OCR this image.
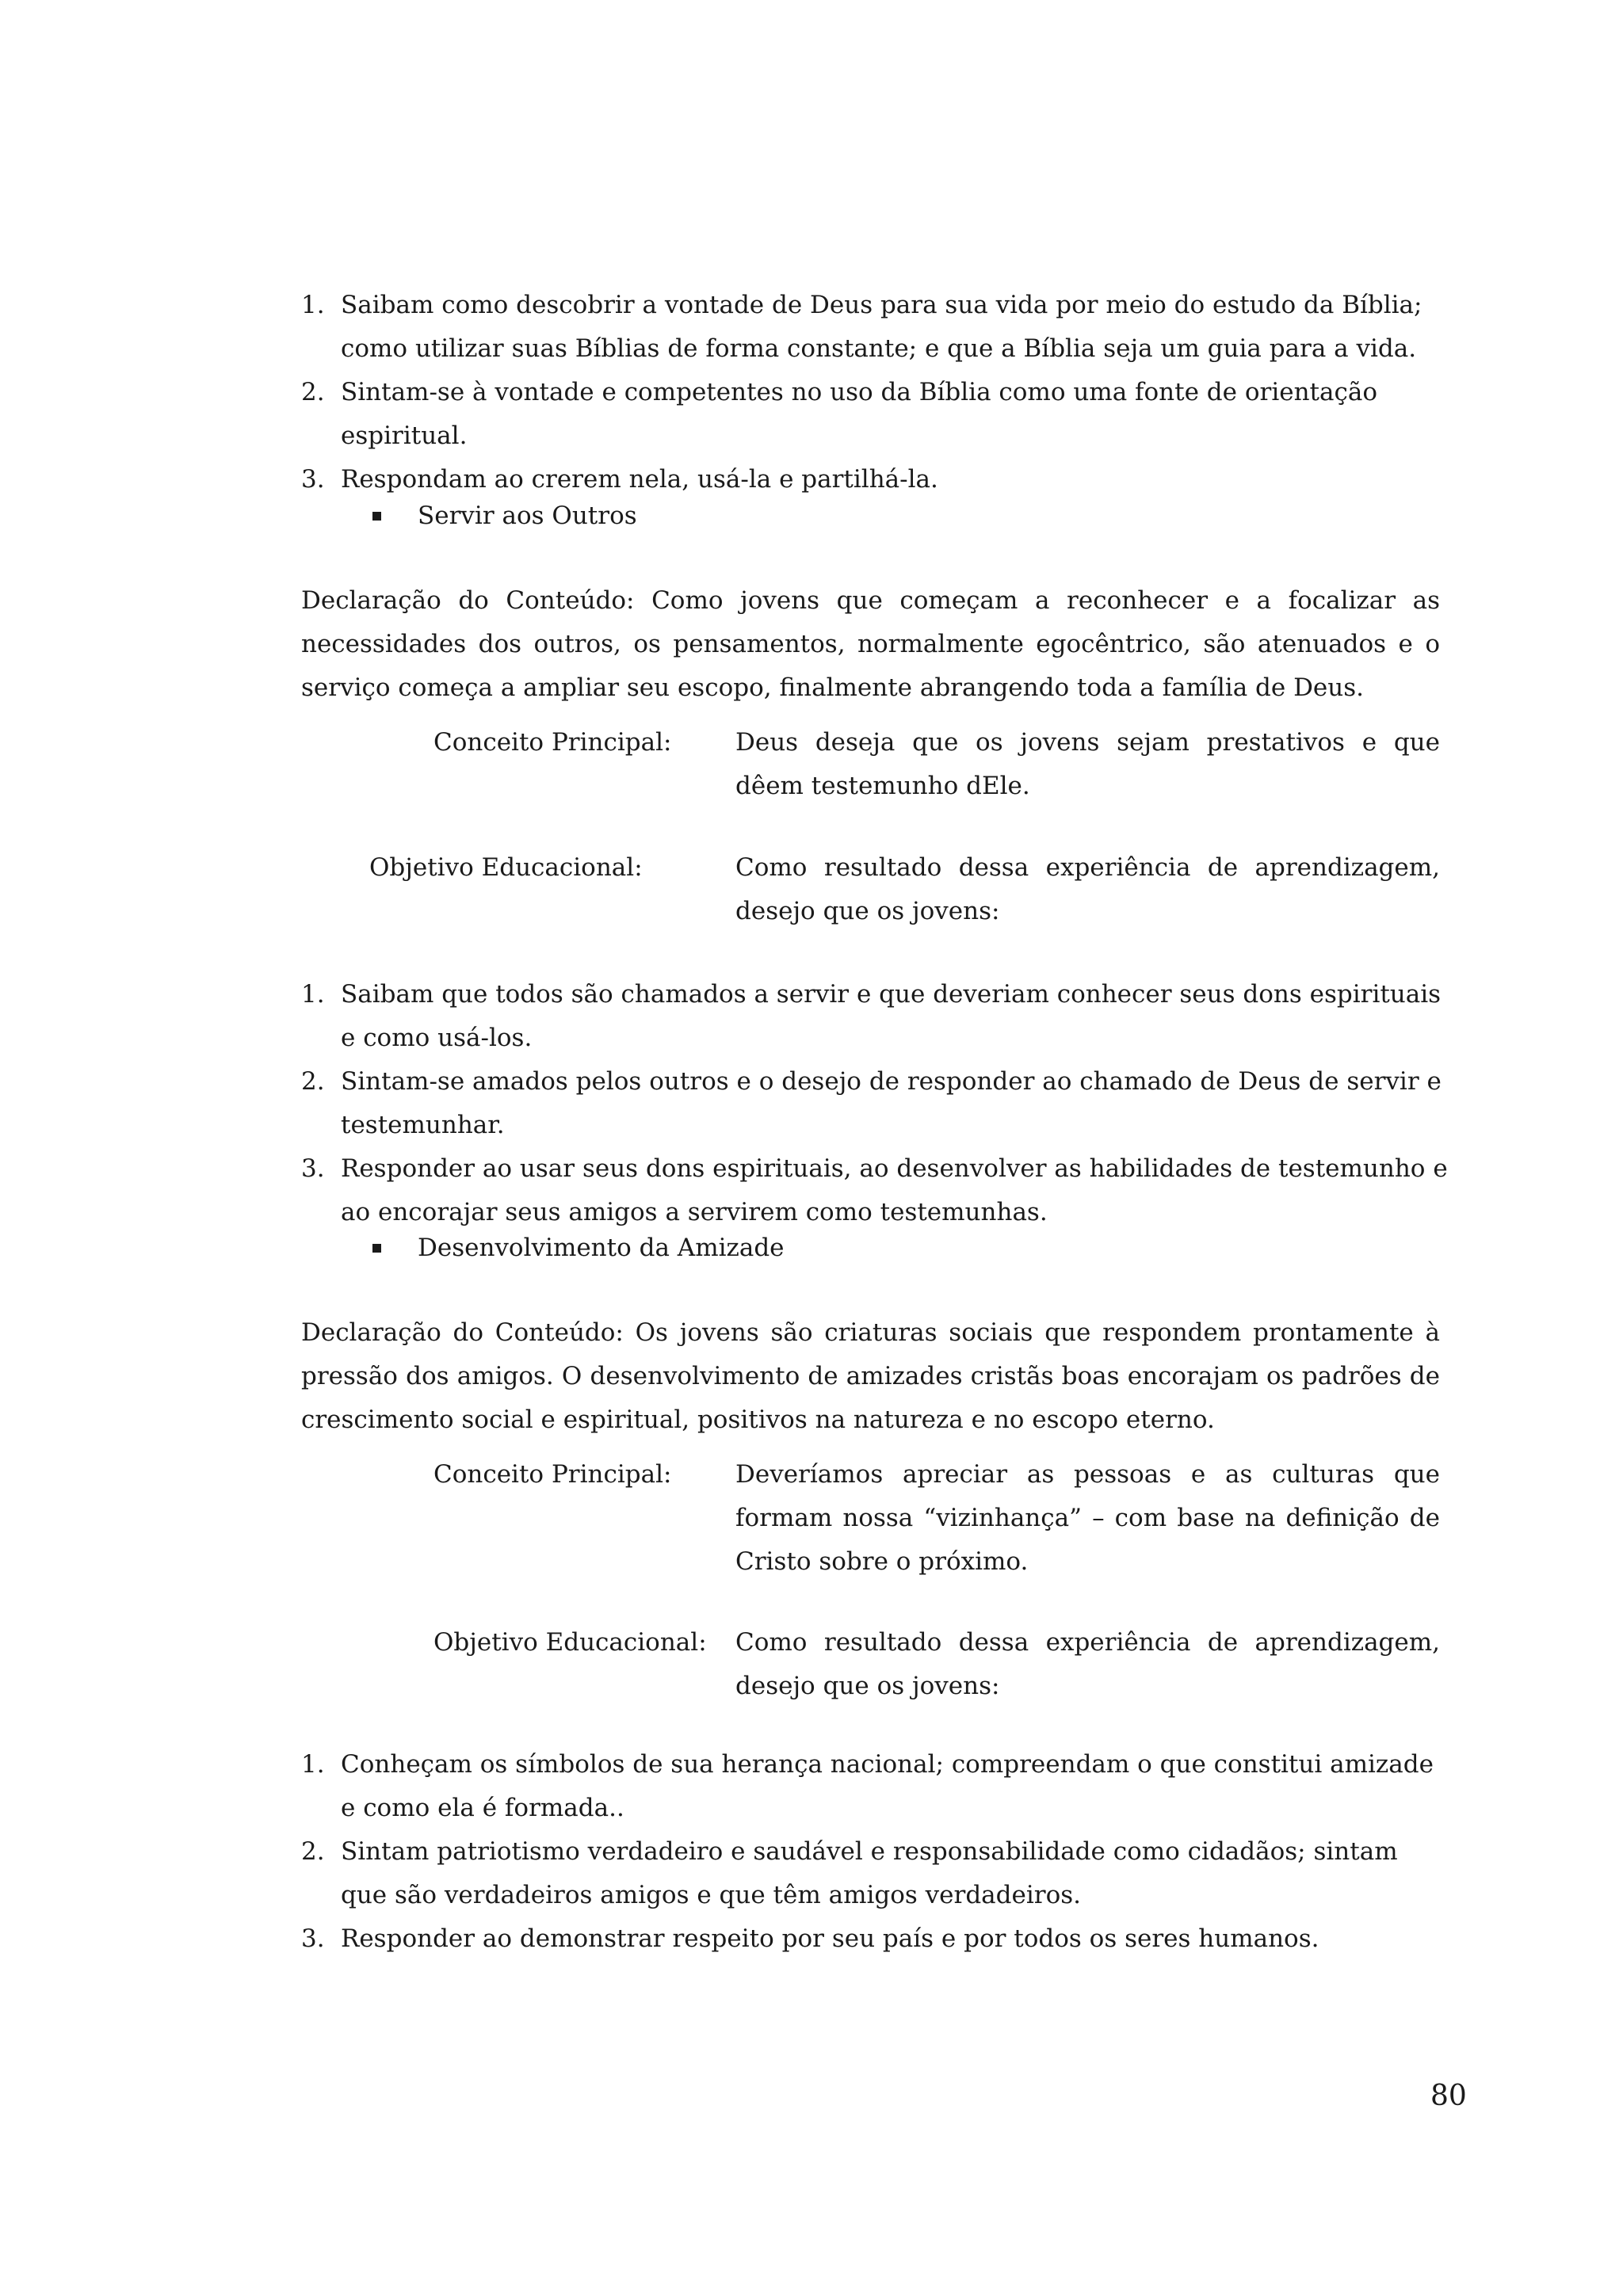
1. Saibam como descobrir a vontade de Deus para sua vida por meio do estudo da Bíblia; como utilizar suas Bíblias de forma constante; e que a Bíblia seja um guia para a vida.
2. Sintam-se à vontade e competentes no uso da Bíblia como uma fonte de orientação espiritual.
3. Respondam ao crerem nela, usá-la e partilhá-la.
Servir aos Outros
Declaração do Conteúdo: Como jovens que começam a reconhecer e a focalizar as necessidades dos outros, os pensamentos, normalmente egocêntrico, são atenuados e o serviço começa a ampliar seu escopo, finalmente abrangendo toda a família de Deus.
Conceito Principal:	Deus deseja que os jovens sejam prestativos e que dêem testemunho dEle.
Objetivo Educacional:	Como resultado dessa experiência de aprendizagem, desejo que os jovens:
1. Saibam que todos são chamados a servir e que deveriam conhecer seus dons espirituais e como usá-los.
2. Sintam-se amados pelos outros e o desejo de responder ao chamado de Deus de servir e testemunhar.
3. Responder ao usar seus dons espirituais, ao desenvolver as habilidades de testemunho e ao encorajar seus amigos a servirem como testemunhas.
Desenvolvimento da Amizade
Declaração do Conteúdo: Os jovens são criaturas sociais que respondem prontamente à pressão dos amigos. O desenvolvimento de amizades cristãs boas encorajam os padrões de crescimento social e espiritual, positivos na natureza e no escopo eterno.
Conceito Principal:	Deveríamos apreciar as pessoas e as culturas que formam nossa “vizinhança” – com base na definição de Cristo sobre o próximo.
Objetivo Educacional: Como resultado dessa experiência de aprendizagem, desejo que os jovens:
1. Conheçam os símbolos de sua herança nacional; compreendam o que constitui amizade e como ela é formada..
2. Sintam patriotismo verdadeiro e saudável e responsabilidade como cidadãos; sintam que são verdadeiros amigos e que têm amigos verdadeiros.
3. Responder ao demonstrar respeito por seu país e por todos os seres humanos.
80
